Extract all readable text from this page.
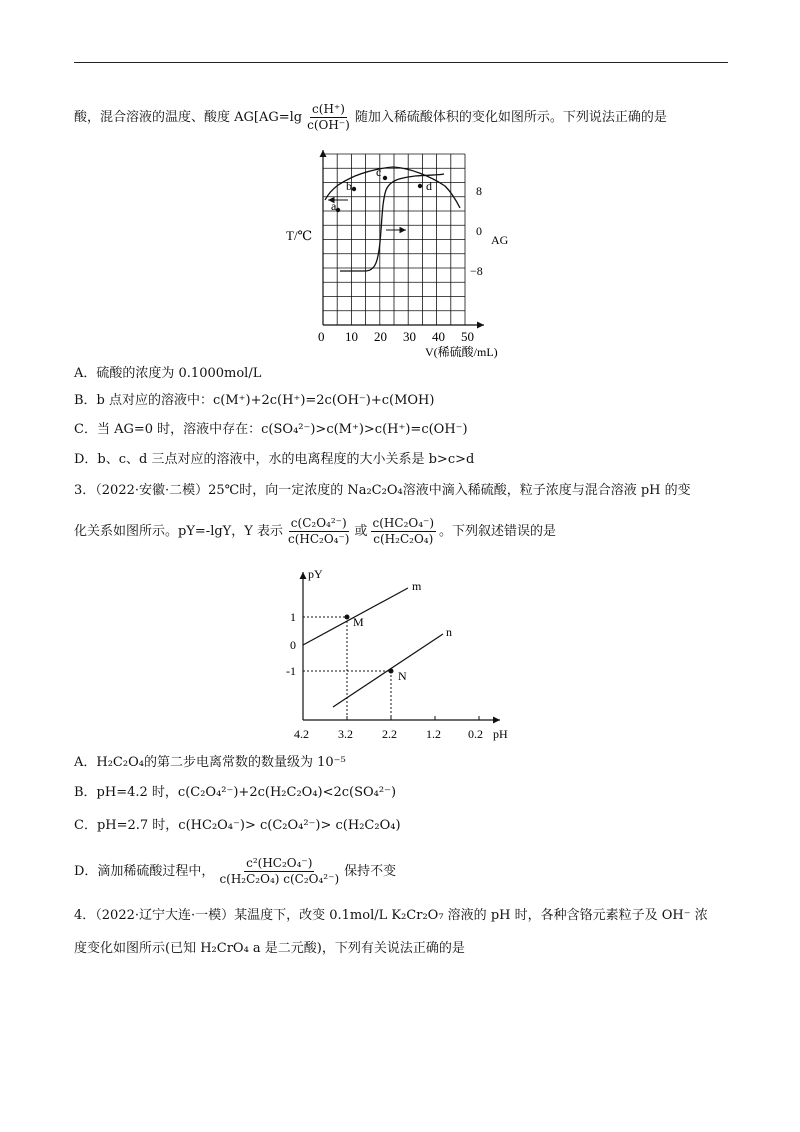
酸，混合溶液的温度、酸度 $AG[AG=\lg \frac{c(H^+)}{c(OH^-)}$ 随加入稀硫酸体积的变化如图所示。下列说法正确的是
a
b
c
d
T/℃
8
0
AG
−8
0 10 20 30 40 50
V(稀硫酸/mL)
A．硫酸的浓度为 0.1000mol/L
B．b 点对应的溶液中：c(M⁺)+2c(H⁺)=2c(OH⁻)+c(MOH)
C．当 AG=0 时，溶液中存在：c(SO₄²⁻)>c(M⁺)>c(H⁺)=c(OH⁻)
D．b、c、d 三点对应的溶液中，水的电离程度的大小关系是 b>c>d
3．（2022·安徽·二模）25℃时，向一定浓度的 Na₂C₂O₄溶液中滴入稀硫酸，粒子浓度与混合溶液 pH 的变
化关系如图所示。pY=-lgY，Y 表示 $\frac{\text{c(C₂O₄²⁻)}}{\text{c(HC₂O₄⁻)}}$ 或 $\frac{\text{c(HC₂O₄⁻)}}{\text{c(H₂C₂O₄)}}$ 。下列叙述错误的是
M
N
m
n
pY
1
0
-1
4.2 3.2 2.2 1.2 0.2 pH
A．H₂C₂O₄的第二步电离常数的数量级为 10⁻⁵
B．pH=4.2 时，c(C₂O₄²⁻)+2c(H₂C₂O₄)<2c(SO₄²⁻)
C．pH=2.7 时，c(HC₂O₄⁻)> c(C₂O₄²⁻)> c(H₂C₂O₄)
D．滴加稀硫酸过程中， $\frac{\text{c²(HC₂O₄⁻)}}{\text{c(H₂C₂O₄) c(C₂O₄²⁻)}}$ 保持不变
4．（2022·辽宁大连·一模）某温度下，改变 0.1mol/L K₂Cr₂O₇ 溶液的 pH 时，各种含铬元素粒子及 OH⁻ 浓
度变化如图所示(已知 H₂CrO₄ a 是二元酸)，下列有关说法正确的是
